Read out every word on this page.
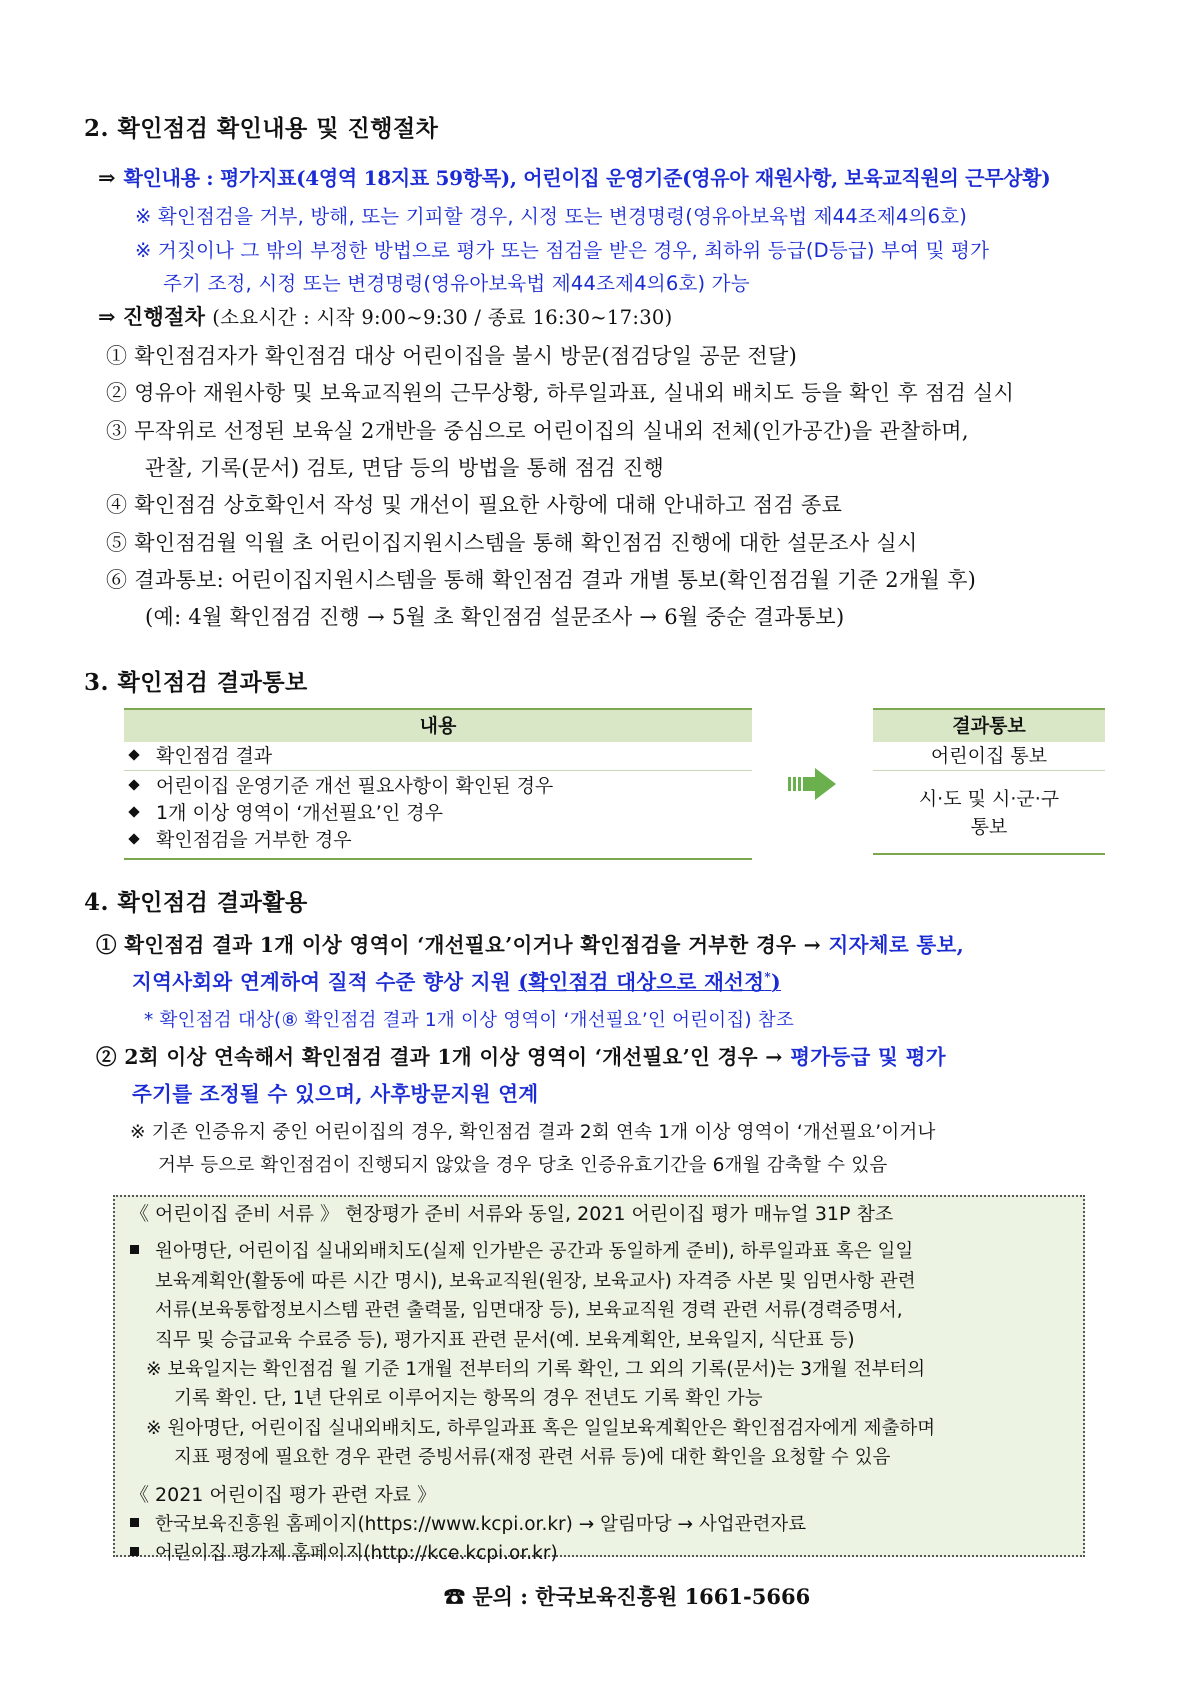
2. 확인점검 확인내용 및 진행절차
⇒ 확인내용 : 평가지표(4영역 18지표 59항목), 어린이집 운영기준(영유아 재원사항, 보육교직원의 근무상황)
※ 확인점검을 거부, 방해, 또는 기피할 경우, 시정 또는 변경명령(영유아보육법 제44조제4의6호)
※ 거짓이나 그 밖의 부정한 방법으로 평가 또는 점검을 받은 경우, 최하위 등급(D등급) 부여 및 평가
주기 조정, 시정 또는 변경명령(영유아보육법 제44조제4의6호) 가능
⇒ 진행절차 (소요시간 : 시작 9:00~9:30 / 종료 16:30~17:30)
① 확인점검자가 확인점검 대상 어린이집을 불시 방문(점검당일 공문 전달)
② 영유아 재원사항 및 보육교직원의 근무상황, 하루일과표, 실내외 배치도 등을 확인 후 점검 실시
③ 무작위로 선정된 보육실 2개반을 중심으로 어린이집의 실내외 전체(인가공간)을 관찰하며,
관찰, 기록(문서) 검토, 면담 등의 방법을 통해 점검 진행
④ 확인점검 상호확인서 작성 및 개선이 필요한 사항에 대해 안내하고 점검 종료
⑤ 확인점검월 익월 초 어린이집지원시스템을 통해 확인점검 진행에 대한 설문조사 실시
⑥ 결과통보: 어린이집지원시스템을 통해 확인점검 결과 개별 통보(확인점검월 기준 2개월 후)
(예: 4월 확인점검 진행 → 5월 초 확인점검 설문조사 → 6월 중순 결과통보)
3. 확인점검 결과통보
내용
확인점검 결과
어린이집 운영기준 개선 필요사항이 확인된 경우
1개 이상 영역이 ‘개선필요’인 경우
확인점검을 거부한 경우
결과통보
어린이집 통보
시·도 및 시·군·구
통보
4. 확인점검 결과활용
① 확인점검 결과 1개 이상 영역이 ‘개선필요’이거나 확인점검을 거부한 경우 → 지자체로 통보,
지역사회와 연계하여 질적 수준 향상 지원 (확인점검 대상으로 재선정*)
* 확인점검 대상(⑧ 확인점검 결과 1개 이상 영역이 ‘개선필요’인 어린이집) 참조
② 2회 이상 연속해서 확인점검 결과 1개 이상 영역이 ‘개선필요’인 경우 → 평가등급 및 평가
주기를 조정될 수 있으며, 사후방문지원 연계
※ 기존 인증유지 중인 어린이집의 경우, 확인점검 결과 2회 연속 1개 이상 영역이 ‘개선필요’이거나
거부 등으로 확인점검이 진행되지 않았을 경우 당초 인증유효기간을 6개월 감축할 수 있음
《 어린이집 준비 서류 》 현장평가 준비 서류와 동일, 2021 어린이집 평가 매뉴얼 31P 참조
원아명단, 어린이집 실내외배치도(실제 인가받은 공간과 동일하게 준비), 하루일과표 혹은 일일
보육계획안(활동에 따른 시간 명시), 보육교직원(원장, 보육교사) 자격증 사본 및 임면사항 관련
서류(보육통합정보시스템 관련 출력물, 임면대장 등), 보육교직원 경력 관련 서류(경력증명서,
직무 및 승급교육 수료증 등), 평가지표 관련 문서(예. 보육계획안, 보육일지, 식단표 등)
※ 보육일지는 확인점검 월 기준 1개월 전부터의 기록 확인, 그 외의 기록(문서)는 3개월 전부터의
기록 확인. 단, 1년 단위로 이루어지는 항목의 경우 전년도 기록 확인 가능
※ 원아명단, 어린이집 실내외배치도, 하루일과표 혹은 일일보육계획안은 확인점검자에게 제출하며
지표 평정에 필요한 경우 관련 증빙서류(재정 관련 서류 등)에 대한 확인을 요청할 수 있음
《 2021 어린이집 평가 관련 자료 》
한국보육진흥원 홈페이지(https://www.kcpi.or.kr) → 알림마당 → 사업관련자료
어린이집 평가제 홈페이지(http://kce.kcpi.or.kr)
☎ 문의 : 한국보육진흥원 1661-5666
